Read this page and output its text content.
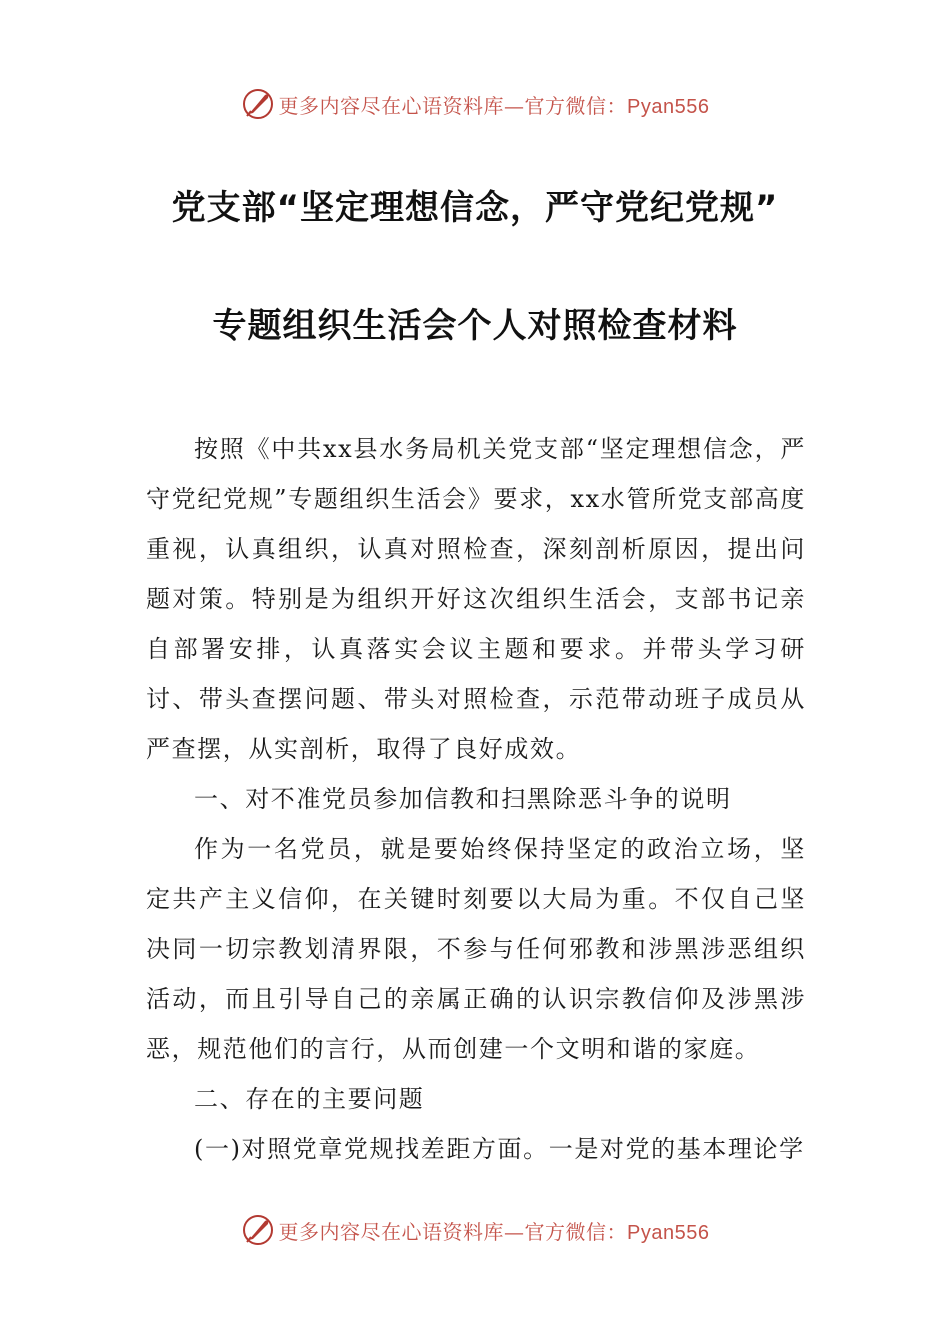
更多内容尽在心语资料库—官方微信：Pyan556
党支部“坚定理想信念，严守党纪党规”
专题组织生活会个人对照检查材料

按照《中共xx县水务局机关党支部“坚定理想信念，严守党纪党规”专题组织生活会》要求，xx水管所党支部高度重视，认真组织，认真对照检查，深刻剖析原因，提出问题对策。特别是为组织开好这次组织生活会，支部书记亲自部署安排，认真落实会议主题和要求。并带头学习研讨、带头查摆问题、带头对照检查，示范带动班子成员从严查摆，从实剖析，取得了良好成效。

一、对不准党员参加信教和扫黑除恶斗争的说明

作为一名党员，就是要始终保持坚定的政治立场，坚定共产主义信仰，在关键时刻要以大局为重。不仅自己坚决同一切宗教划清界限，不参与任何邪教和涉黑涉恶组织活动，而且引导自己的亲属正确的认识宗教信仰及涉黑涉恶，规范他们的言行，从而创建一个文明和谐的家庭。

二、存在的主要问题

(一)对照党章党规找差距方面。一是对党的基本理论学

更多内容尽在心语资料库—官方微信：Pyan556
